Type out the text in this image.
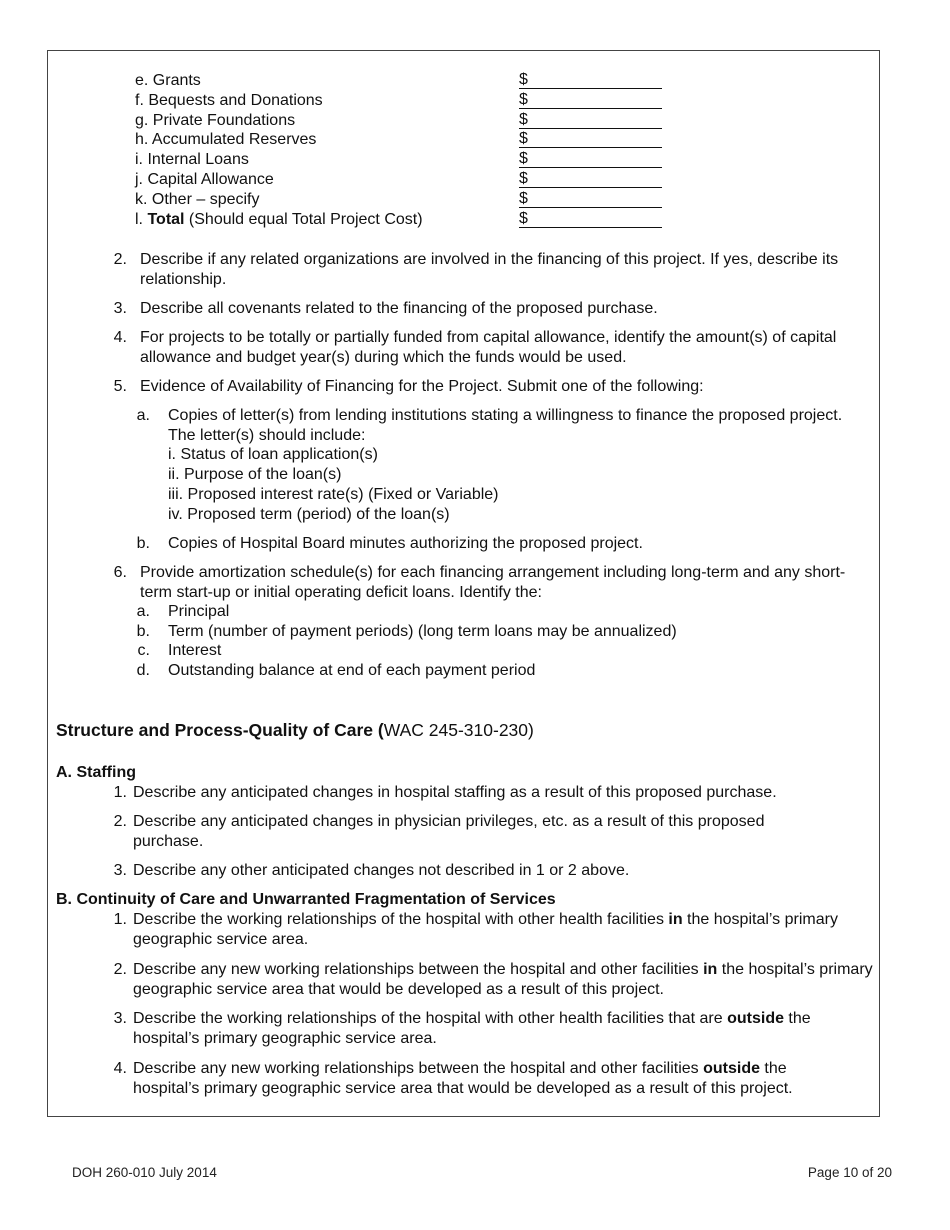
e. Grants	$
f. Bequests and Donations	$
g. Private Foundations	$
h. Accumulated Reserves	$
i. Internal Loans	$
j. Capital Allowance	$
k. Other – specify	$
l. Total (Should equal Total Project Cost)	$
2. Describe if any related organizations are involved in the financing of this project. If yes, describe its relationship.
3. Describe all covenants related to the financing of the proposed purchase.
4. For projects to be totally or partially funded from capital allowance, identify the amount(s) of capital allowance and budget year(s) during which the funds would be used.
5. Evidence of Availability of Financing for the Project. Submit one of the following:
a. Copies of letter(s) from lending institutions stating a willingness to finance the proposed project. The letter(s) should include:
i. Status of loan application(s)
ii. Purpose of the loan(s)
iii. Proposed interest rate(s) (Fixed or Variable)
iv. Proposed term (period) of the loan(s)
b. Copies of Hospital Board minutes authorizing the proposed project.
6. Provide amortization schedule(s) for each financing arrangement including long-term and any short-term start-up or initial operating deficit loans. Identify the:
a. Principal
b. Term (number of payment periods) (long term loans may be annualized)
c. Interest
d. Outstanding balance at end of each payment period
Structure and Process-Quality of Care (WAC 245-310-230)
A. Staffing
1. Describe any anticipated changes in hospital staffing as a result of this proposed purchase.
2. Describe any anticipated changes in physician privileges, etc. as a result of this proposed purchase.
3. Describe any other anticipated changes not described in 1 or 2 above.
B. Continuity of Care and Unwarranted Fragmentation of Services
1. Describe the working relationships of the hospital with other health facilities in the hospital’s primary geographic service area.
2. Describe any new working relationships between the hospital and other facilities in the hospital’s primary geographic service area that would be developed as a result of this project.
3. Describe the working relationships of the hospital with other health facilities that are outside the hospital’s primary geographic service area.
4. Describe any new working relationships between the hospital and other facilities outside the hospital’s primary geographic service area that would be developed as a result of this project.
DOH 260-010 July 2014	Page 10 of 20
